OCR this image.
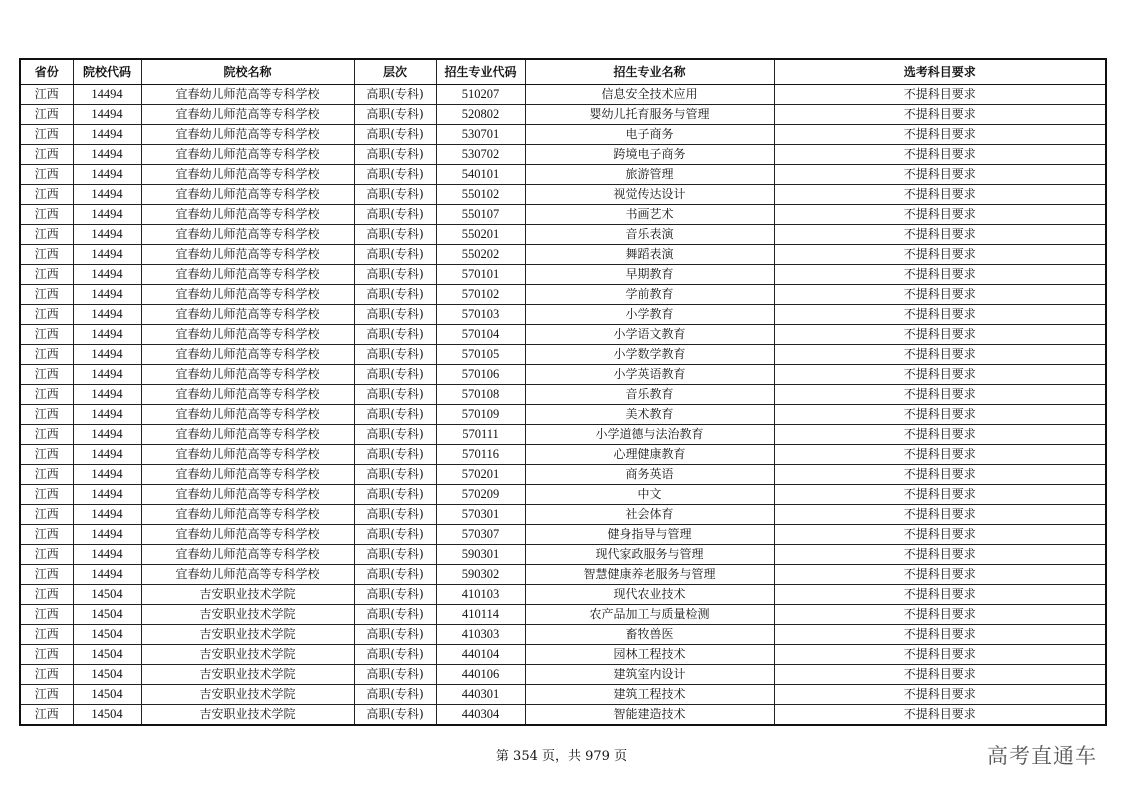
省份	院校代码	院校名称	层次	招生专业代码	招生专业名称	选考科目要求
江西	14494	宜春幼儿师范高等专科学校	高职(专科)	510207	信息安全技术应用	不提科目要求
江西	14494	宜春幼儿师范高等专科学校	高职(专科)	520802	婴幼儿托育服务与管理	不提科目要求
江西	14494	宜春幼儿师范高等专科学校	高职(专科)	530701	电子商务	不提科目要求
江西	14494	宜春幼儿师范高等专科学校	高职(专科)	530702	跨境电子商务	不提科目要求
江西	14494	宜春幼儿师范高等专科学校	高职(专科)	540101	旅游管理	不提科目要求
江西	14494	宜春幼儿师范高等专科学校	高职(专科)	550102	视觉传达设计	不提科目要求
江西	14494	宜春幼儿师范高等专科学校	高职(专科)	550107	书画艺术	不提科目要求
江西	14494	宜春幼儿师范高等专科学校	高职(专科)	550201	音乐表演	不提科目要求
江西	14494	宜春幼儿师范高等专科学校	高职(专科)	550202	舞蹈表演	不提科目要求
江西	14494	宜春幼儿师范高等专科学校	高职(专科)	570101	早期教育	不提科目要求
江西	14494	宜春幼儿师范高等专科学校	高职(专科)	570102	学前教育	不提科目要求
江西	14494	宜春幼儿师范高等专科学校	高职(专科)	570103	小学教育	不提科目要求
江西	14494	宜春幼儿师范高等专科学校	高职(专科)	570104	小学语文教育	不提科目要求
江西	14494	宜春幼儿师范高等专科学校	高职(专科)	570105	小学数学教育	不提科目要求
江西	14494	宜春幼儿师范高等专科学校	高职(专科)	570106	小学英语教育	不提科目要求
江西	14494	宜春幼儿师范高等专科学校	高职(专科)	570108	音乐教育	不提科目要求
江西	14494	宜春幼儿师范高等专科学校	高职(专科)	570109	美术教育	不提科目要求
江西	14494	宜春幼儿师范高等专科学校	高职(专科)	570111	小学道德与法治教育	不提科目要求
江西	14494	宜春幼儿师范高等专科学校	高职(专科)	570116	心理健康教育	不提科目要求
江西	14494	宜春幼儿师范高等专科学校	高职(专科)	570201	商务英语	不提科目要求
江西	14494	宜春幼儿师范高等专科学校	高职(专科)	570209	中文	不提科目要求
江西	14494	宜春幼儿师范高等专科学校	高职(专科)	570301	社会体育	不提科目要求
江西	14494	宜春幼儿师范高等专科学校	高职(专科)	570307	健身指导与管理	不提科目要求
江西	14494	宜春幼儿师范高等专科学校	高职(专科)	590301	现代家政服务与管理	不提科目要求
江西	14494	宜春幼儿师范高等专科学校	高职(专科)	590302	智慧健康养老服务与管理	不提科目要求
江西	14504	吉安职业技术学院	高职(专科)	410103	现代农业技术	不提科目要求
江西	14504	吉安职业技术学院	高职(专科)	410114	农产品加工与质量检测	不提科目要求
江西	14504	吉安职业技术学院	高职(专科)	410303	畜牧兽医	不提科目要求
江西	14504	吉安职业技术学院	高职(专科)	440104	园林工程技术	不提科目要求
江西	14504	吉安职业技术学院	高职(专科)	440106	建筑室内设计	不提科目要求
江西	14504	吉安职业技术学院	高职(专科)	440301	建筑工程技术	不提科目要求
江西	14504	吉安职业技术学院	高职(专科)	440304	智能建造技术	不提科目要求
第 354 页，共 979 页	高考直通车
